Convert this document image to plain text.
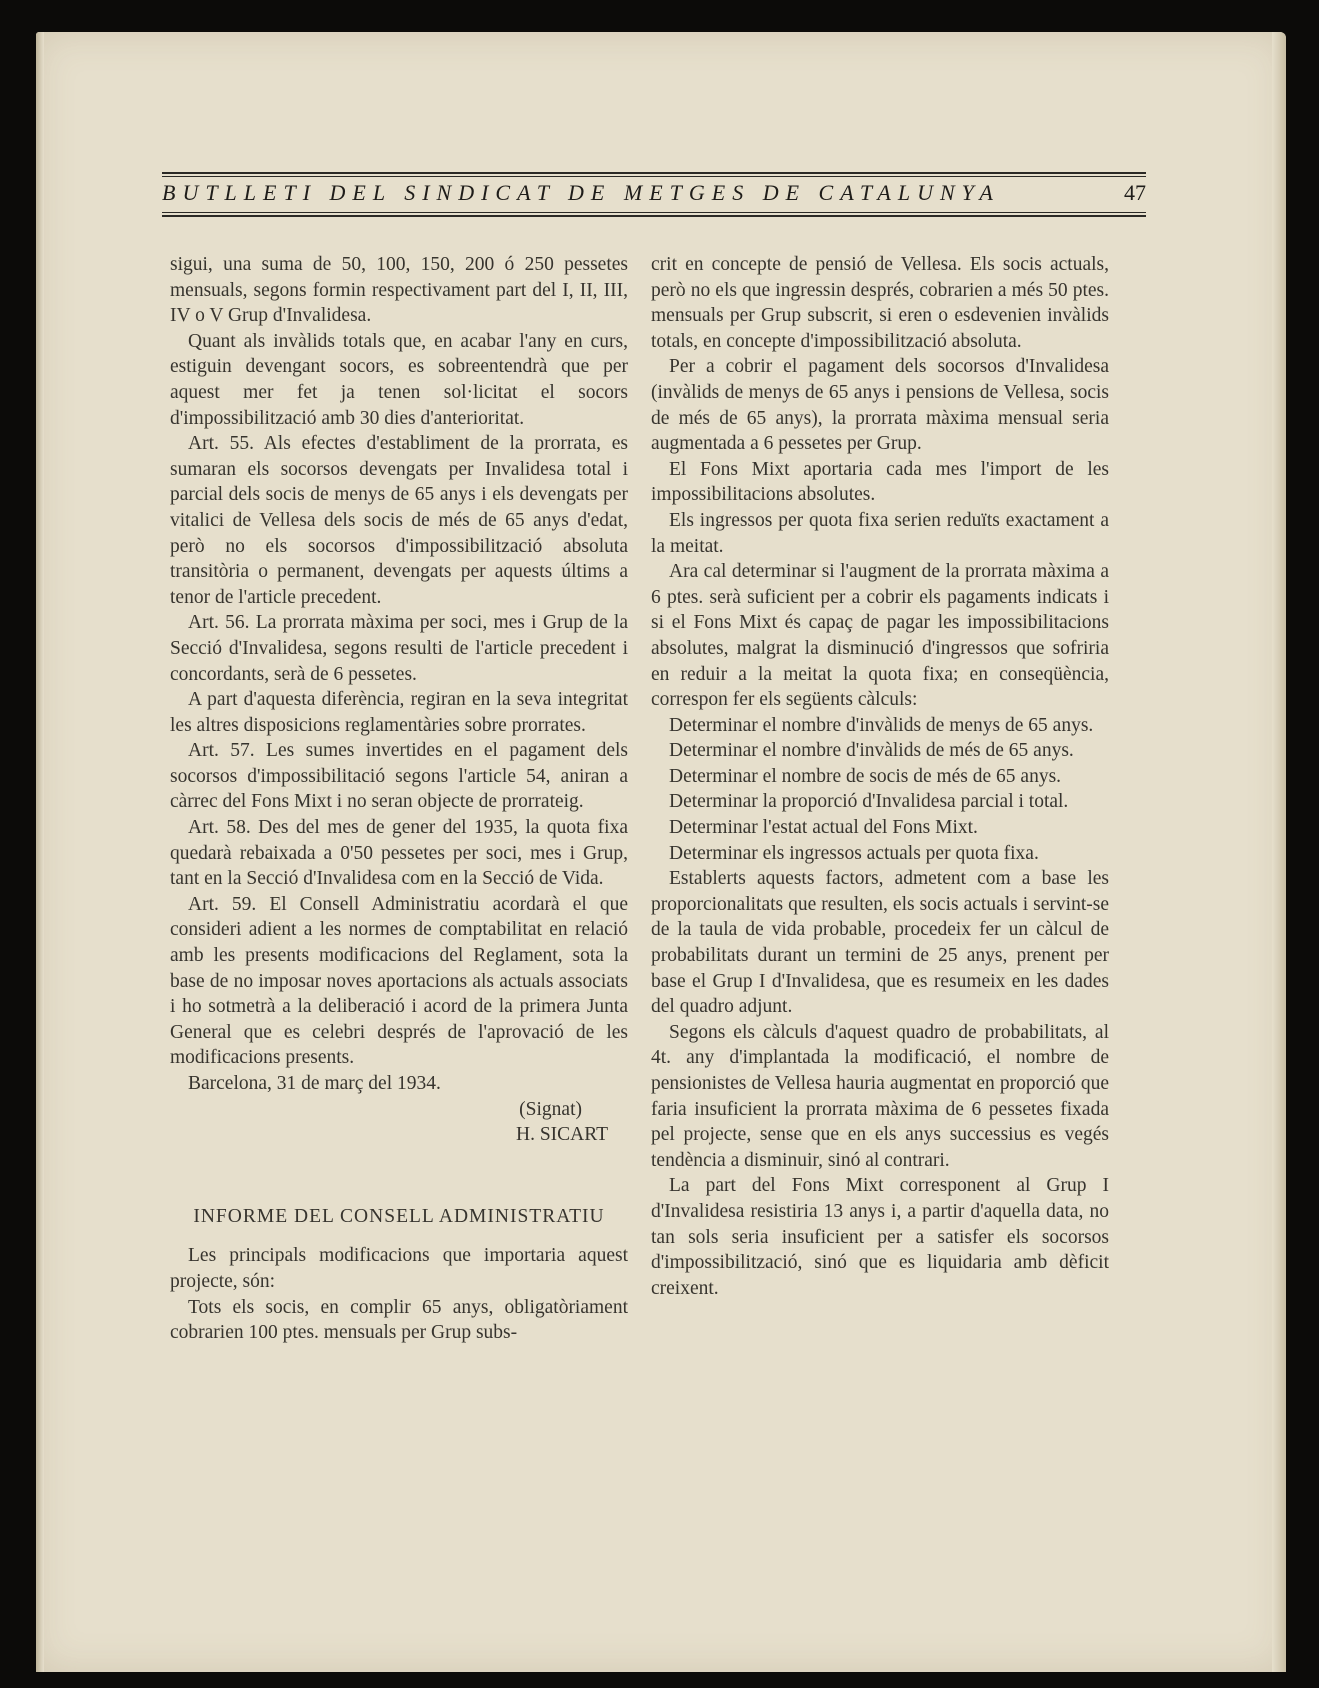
BUTLLETI DEL SINDICAT DE METGES DE CATALUNYA	47

sigui, una suma de 50, 100, 150, 200 ó 250 pessetes mensuals, segons formin respectivament part del I, II, III, IV o V Grup d'Invalidesa.

Quant als invàlids totals que, en acabar l'any en curs, estiguin devengant socors, es sobreentendrà que per aquest mer fet ja tenen sol·licitat el socors d'impossibilització amb 30 dies d'anterioritat.

Art. 55. Als efectes d'establiment de la prorrata, es sumaran els socorsos devengats per Invalidesa total i parcial dels socis de menys de 65 anys i els devengats per vitalici de Vellesa dels socis de més de 65 anys d'edat, però no els socorsos d'impossibilització absoluta transitòria o permanent, devengats per aquests últims a tenor de l'article precedent.

Art. 56. La prorrata màxima per soci, mes i Grup de la Secció d'Invalidesa, segons resulti de l'article precedent i concordants, serà de 6 pessetes.

A part d'aquesta diferència, regiran en la seva integritat les altres disposicions reglamentàries sobre prorrates.

Art. 57. Les sumes invertides en el pagament dels socorsos d'impossibilitació segons l'article 54, aniran a càrrec del Fons Mixt i no seran objecte de prorrateig.

Art. 58. Des del mes de gener del 1935, la quota fixa quedarà rebaixada a 0'50 pessetes per soci, mes i Grup, tant en la Secció d'Invalidesa com en la Secció de Vida.

Art. 59. El Consell Administratiu acordarà el que consideri adient a les normes de comptabilitat en relació amb les presents modificacions del Reglament, sota la base de no imposar noves aportacions als actuals associats i ho sotmetrà a la deliberació i acord de la primera Junta General que es celebri després de l'aprovació de les modificacions presents.

Barcelona, 31 de març del 1934.

(Signat)

H. SICART

INFORME DEL CONSELL ADMINISTRATIU

Les principals modificacions que importaria aquest projecte, són:

Tots els socis, en complir 65 anys, obligatòriament cobrarien 100 ptes. mensuals per Grup subs-

crit en concepte de pensió de Vellesa. Els socis actuals, però no els que ingressin després, cobrarien a més 50 ptes. mensuals per Grup subscrit, si eren o esdevenien invàlids totals, en concepte d'impossibilització absoluta.

Per a cobrir el pagament dels socorsos d'Invalidesa (invàlids de menys de 65 anys i pensions de Vellesa, socis de més de 65 anys), la prorrata màxima mensual seria augmentada a 6 pessetes per Grup.

El Fons Mixt aportaria cada mes l'import de les impossibilitacions absolutes.

Els ingressos per quota fixa serien reduïts exactament a la meitat.

Ara cal determinar si l'augment de la prorrata màxima a 6 ptes. serà suficient per a cobrir els pagaments indicats i si el Fons Mixt és capaç de pagar les impossibilitacions absolutes, malgrat la disminució d'ingressos que sofriria en reduir a la meitat la quota fixa; en conseqüència, correspon fer els següents càlculs:

Determinar el nombre d'invàlids de menys de 65 anys.

Determinar el nombre d'invàlids de més de 65 anys.

Determinar el nombre de socis de més de 65 anys.

Determinar la proporció d'Invalidesa parcial i total.

Determinar l'estat actual del Fons Mixt.

Determinar els ingressos actuals per quota fixa.

Establerts aquests factors, admetent com a base les proporcionalitats que resulten, els socis actuals i servint-se de la taula de vida probable, procedeix fer un càlcul de probabilitats durant un termini de 25 anys, prenent per base el Grup I d'Invalidesa, que es resumeix en les dades del quadro adjunt.

Segons els càlculs d'aquest quadro de probabilitats, al 4t. any d'implantada la modificació, el nombre de pensionistes de Vellesa hauria augmentat en proporció que faria insuficient la prorrata màxima de 6 pessetes fixada pel projecte, sense que en els anys successius es vegés tendència a disminuir, sinó al contrari.

La part del Fons Mixt corresponent al Grup I d'Invalidesa resistiria 13 anys i, a partir d'aquella data, no tan sols seria insuficient per a satisfer els socorsos d'impossibilització, sinó que es liquidaria amb dèficit creixent.
